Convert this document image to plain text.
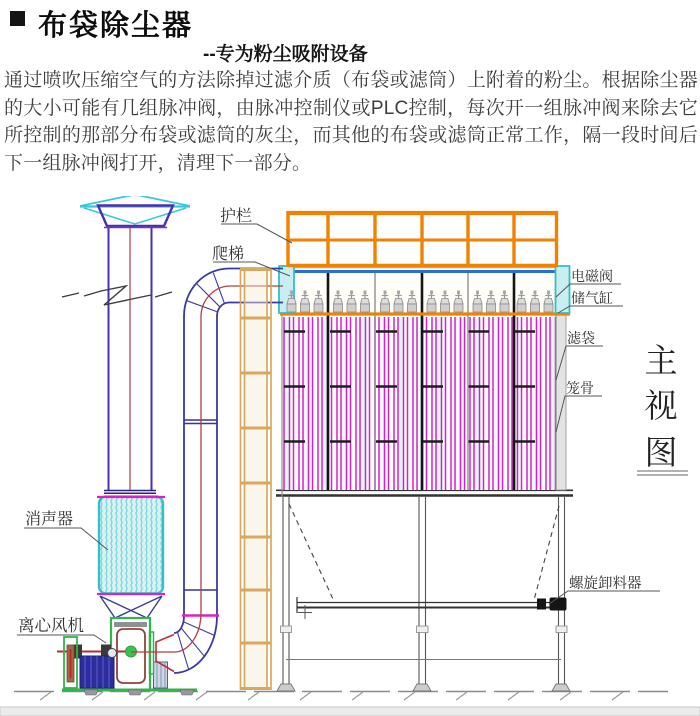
布袋除尘器
--专为粉尘吸附设备

通过喷吹压缩空气的方法除掉过滤介质（布袋或滤筒）上附着的粉尘。根据除尘器的大小可能有几组脉冲阀，由脉冲控制仪或PLC控制，每次开一组脉冲阀来除去它所控制的那部分布袋或滤筒的灰尘，而其他的布袋或滤筒正常工作，隔一段时间后下一组脉冲阀打开，清理下一部分。

护栏
爬梯
电磁阀
储气缸
滤袋
笼骨
消声器
离心风机
螺旋卸料器
主
视
图
